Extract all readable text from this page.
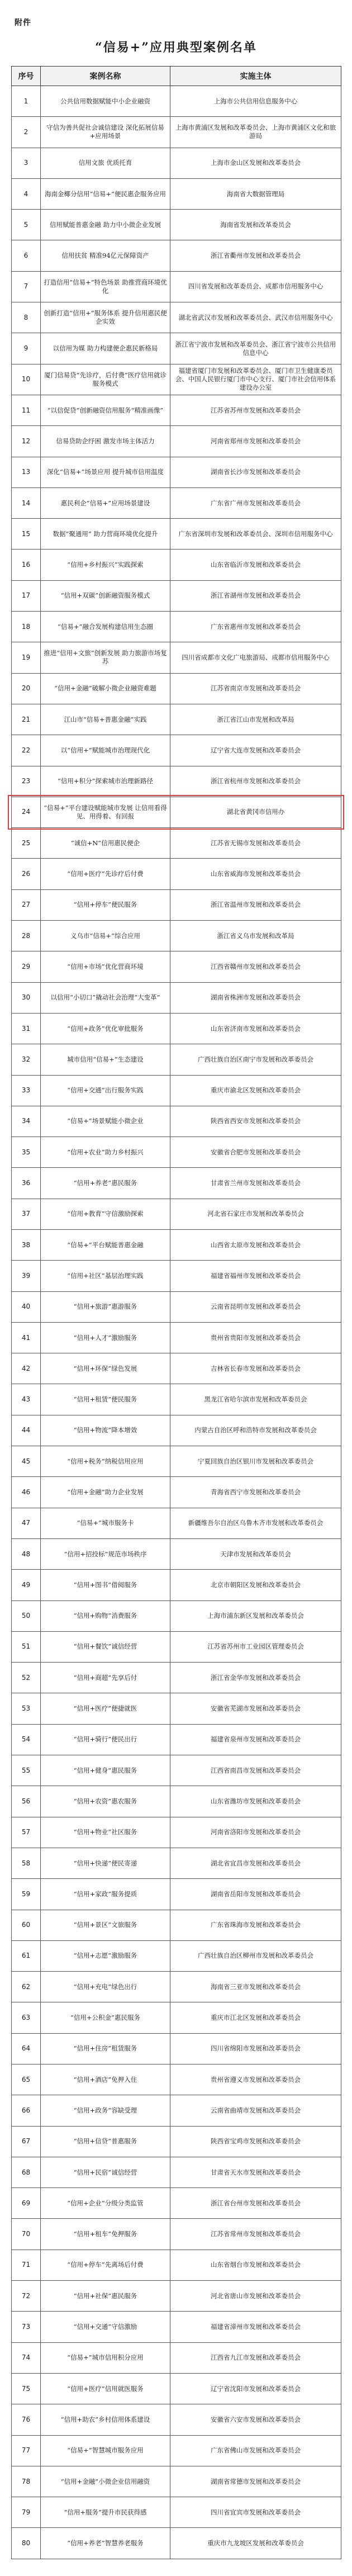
附件
“信易+”应用典型案例名单
序号	案例名称	实施主体
1	公共信用数据赋能中小企业融资	上海市公共信用信息服务中心
2	守信为善共促社会诚信建设 深化拓展信易+应用场景	上海市黄浦区发展和改革委员会、上海市黄浦区文化和旅游局
3	信用文旅 优质托育	上海市金山区发展和改革委员会
4	海南金椰分信用“信易+”便民惠企服务应用	海南省大数据管理局
5	信用赋能普惠金融 助力中小微企业发展	海南省发展和改革委员会
6	信用扶贫 精准94亿元保障资产	浙江省衢州市发展和改革委员会
7	打造信用“信易+”特色场景 助推营商环境优化	四川省发展和改革委员会、成都市信用服务中心
8	创新打造“信用+”服务体系 提升信用惠民便企实效	湖北省武汉市发展和改革委员会、武汉市信用服务中心
9	以信用为媒 助力构建便企惠民新格局	浙江省宁波市发展和改革委员会、浙江省宁波市公共信用信息中心
10	厦门信易贷“先诊疗，后付费”医疗信用就诊服务模式	福建省厦门市发展和改革委员会、厦门市卫生健康委员会、中国人民银行厦门市中心支行、厦门市社会信用体系建设办公室
11	“以信促贷”创新融资信用服务“精准画像”	江苏省苏州市发展和改革委员会
12	信易贷助企纾困 激发市场主体活力	河南省郑州市发展和改革委员会
13	深化“信易+”场景应用 提升城市信用温度	湖南省长沙市发展和改革委员会
14	惠民利企“信易+”应用场景建设	广东省广州市发展和改革委员会
15	数据“聚通用” 助力营商环境优化提升	广东省深圳市发展和改革委员会、深圳市信用服务中心
16	“信用+乡村振兴”实践探索	山东省临沂市发展和改革委员会
17	“信用+双碳”创新融资服务模式	浙江省湖州市发展和改革委员会
18	“信易+”融合发展构建信用生态圈	广东省惠州市发展和改革委员会
19	推进“信用+文旅”创新发展 助力旅游市场复苏	四川省成都市文化广电旅游局、成都市信用服务中心
20	“信用+金融”破解小微企业融资难题	江苏省南京市发展和改革委员会
21	江山市“信易+普惠金融”实践	浙江省江山市发展和改革局
22	以“信用+”赋能城市治理现代化	辽宁省大连市发展和改革委员会
23	“信用+积分”探索城市治理新路径	浙江省杭州市发展和改革委员会
24	“信易+”平台建设赋能城市发展 让信用看得见、用得着、有回报	湖北省黄冈市信用办
25	“诚信+N”信用惠民便企	江苏省无锡市发展和改革委员会
26	“信用+医疗”先诊疗后付费	山东省威海市发展和改革委员会
27	“信用+停车”便民服务	浙江省温州市发展和改革委员会
28	义乌市“信易+”综合应用	浙江省义乌市发展和改革局
29	“信用+市场”优化营商环境	江西省赣州市发展和改革委员会
30	以信用“小切口”撬动社会治理“大变革”	湖南省株洲市发展和改革委员会
31	“信用+政务”优化审批服务	山东省济南市发展和改革委员会
32	城市信用“信易+”生态建设	广西壮族自治区南宁市发展和改革委员会
33	“信用+交通”出行服务实践	重庆市渝北区发展和改革委员会
34	“信易+”场景赋能小微企业	陕西省西安市发展和改革委员会
35	“信用+农业”助力乡村振兴	安徽省合肥市发展和改革委员会
36	“信用+养老”惠民服务	甘肃省兰州市发展和改革委员会
37	“信用+教育”守信激励探索	河北省石家庄市发展和改革委员会
38	“信易+”平台赋能普惠金融	山西省太原市发展和改革委员会
39	“信用+社区”基层治理实践	福建省福州市发展和改革委员会
40	“信用+旅游”惠游服务	云南省昆明市发展和改革委员会
41	“信用+人才”激励服务	贵州省贵阳市发展和改革委员会
42	“信用+环保”绿色发展	吉林省长春市发展和改革委员会
43	“信用+租赁”便民服务	黑龙江省哈尔滨市发展和改革委员会
44	“信用+物流”降本增效	内蒙古自治区呼和浩特市发展和改革委员会
45	“信用+税务”纳税信用应用	宁夏回族自治区银川市发展和改革委员会
46	“信用+金融”助力企业发展	青海省西宁市发展和改革委员会
47	“信易+”城市服务卡	新疆维吾尔自治区乌鲁木齐市发展和改革委员会
48	“信用+招投标”规范市场秩序	天津市发展和改革委员会
49	“信用+图书”借阅服务	北京市朝阳区发展和改革委员会
50	“信用+购物”消费服务	上海市浦东新区发展和改革委员会
51	“信用+餐饮”诚信经营	江苏省苏州市工业园区管理委员会
52	“信用+商超”先享后付	浙江省金华市发展和改革委员会
53	“信用+医疗”便捷就医	安徽省芜湖市发展和改革委员会
54	“信用+骑行”便民出行	福建省泉州市发展和改革委员会
55	“信用+健身”惠民服务	江西省南昌市发展和改革委员会
56	“信用+农资”惠农服务	山东省潍坊市发展和改革委员会
57	“信用+物业”社区服务	河南省洛阳市发展和改革委员会
58	“信用+快递”便民寄递	湖北省宜昌市发展和改革委员会
59	“信用+家政”服务提质	湖南省岳阳市发展和改革委员会
60	“信用+景区”文旅服务	广东省珠海市发展和改革委员会
61	“信用+志愿”激励服务	广西壮族自治区柳州市发展和改革委员会
62	“信用+充电”绿色出行	海南省三亚市发展和改革委员会
63	“信用+公积金”惠民服务	重庆市江北区发展和改革委员会
64	“信用+住房”租赁服务	四川省绵阳市发展和改革委员会
65	“信用+酒店”免押入住	贵州省遵义市发展和改革委员会
66	“信用+政务”容缺受理	云南省曲靖市发展和改革委员会
67	“信用+信贷”普惠服务	陕西省宝鸡市发展和改革委员会
68	“信用+民宿”诚信经营	甘肃省天水市发展和改革委员会
69	“信用+企业”分级分类监管	浙江省台州市发展和改革委员会
70	“信用+租车”免押服务	江苏省常州市发展和改革委员会
71	“信用+停车”先离场后付费	山东省烟台市发展和改革委员会
72	“信用+社保”惠民服务	河北省唐山市发展和改革委员会
73	“信用+交通”守信激励	福建省漳州市发展和改革委员会
74	“信易+”城市信用积分应用	江西省九江市发展和改革委员会
75	“信用+医疗”信用就医服务	辽宁省沈阳市发展和改革委员会
76	“信用+助农”乡村信用体系建设	安徽省六安市发展和改革委员会
77	“信易+”智慧城市服务应用	广东省佛山市发展和改革委员会
78	“信用+金融”小微企业信用融资	湖南省常德市发展和改革委员会
79	“信用+服务”提升市民获得感	四川省宜宾市发展和改革委员会
80	“信用+养老”智慧养老服务	重庆市九龙坡区发展和改革委员会
